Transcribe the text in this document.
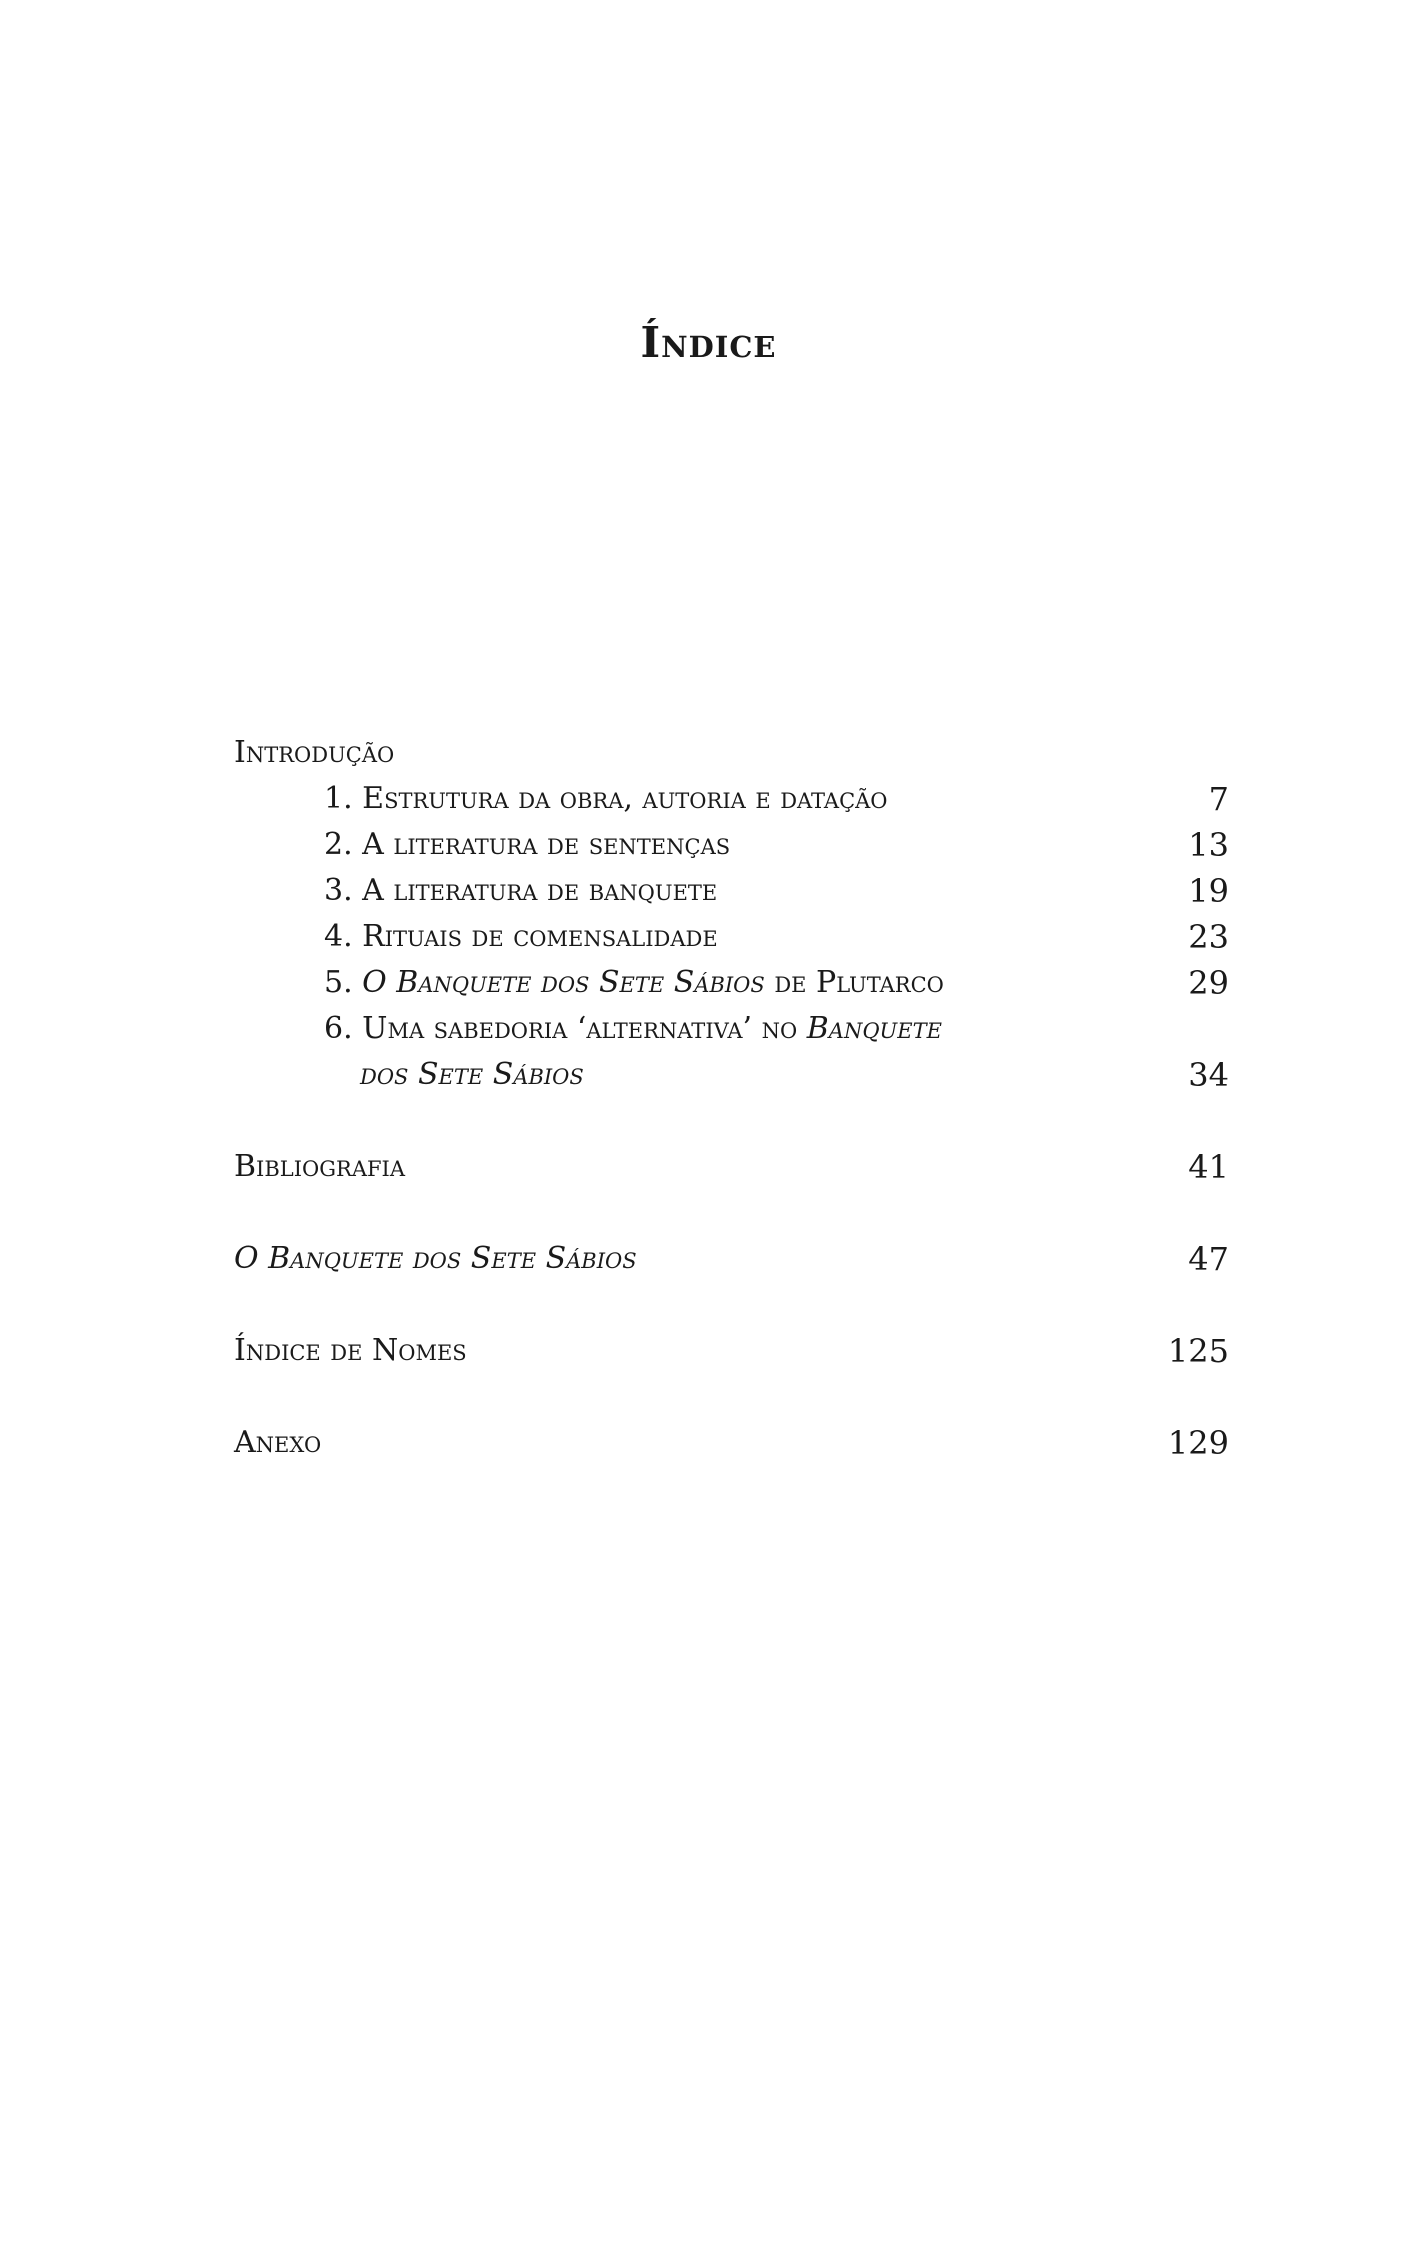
Índice
Introdução
1. Estrutura da obra, autoria e datação	7
2. A literatura de sentenças	13
3. A literatura de banquete	19
4. Rituais de comensalidade	23
5. O Banquete dos Sete Sábios de Plutarco	29
6. Uma sabedoria ‘alternativa’ no Banquete
dos Sete Sábios	34
Bibliografia	41
O Banquete dos Sete Sábios	47
Índice de Nomes	125
Anexo	129
